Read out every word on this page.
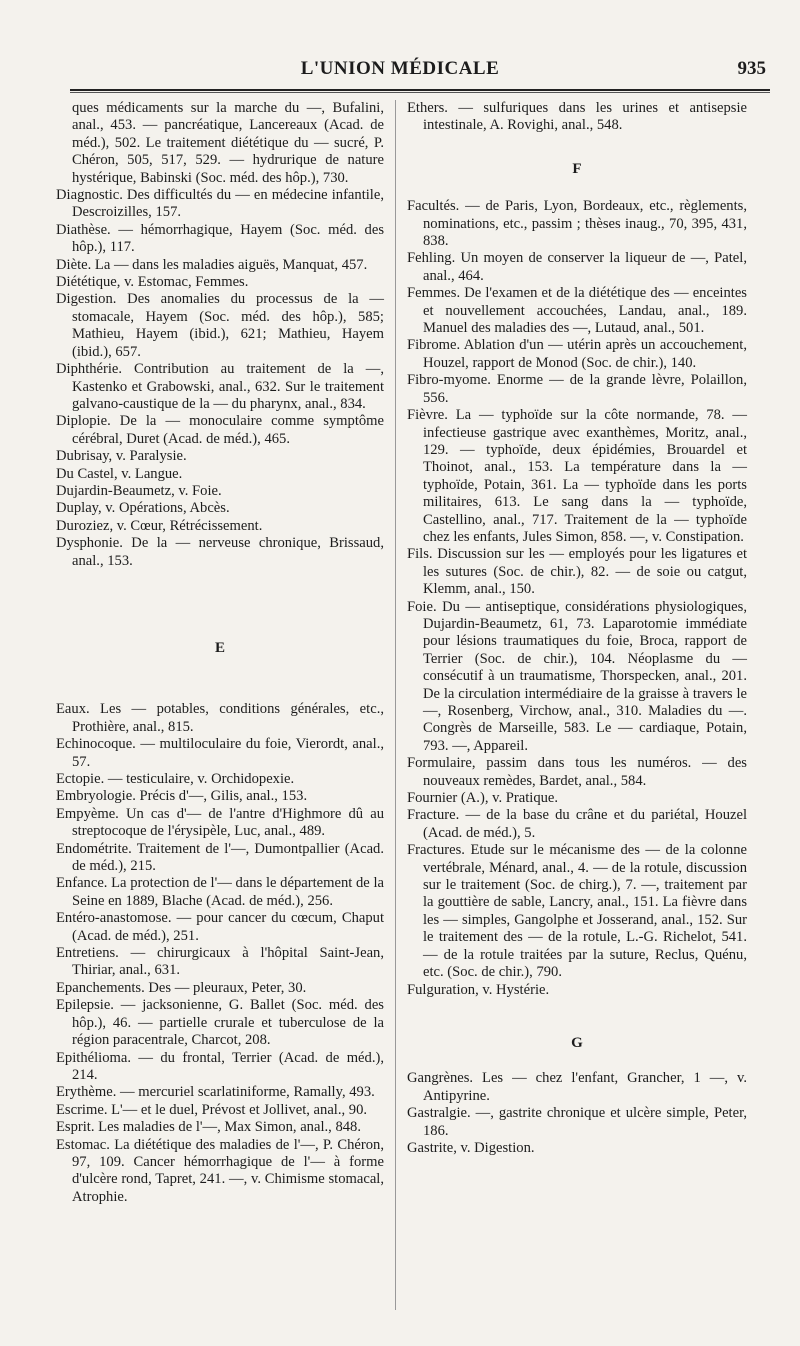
L'UNION MÉDICALE	935

ques médicaments sur la marche du —, Bufalini, anal., 453. — pancréatique, Lancereaux (Acad. de méd.), 502. Le traitement diététique du — sucré, P. Chéron, 505, 517, 529. — hydrurique de nature hystérique, Babinski (Soc. méd. des hôp.), 730.

Diagnostic. Des difficultés du — en médecine infantile, Descroizilles, 157.

Diathèse. — hémorrhagique, Hayem (Soc. méd. des hôp.), 117.

Diète. La — dans les maladies aiguës, Manquat, 457.

Diététique, v. Estomac, Femmes.

Digestion. Des anomalies du processus de la — stomacale, Hayem (Soc. méd. des hôp.), 585; Mathieu, Hayem (ibid.), 621; Mathieu, Hayem (ibid.), 657.

Diphthérie. Contribution au traitement de la —, Kastenko et Grabowski, anal., 632. Sur le traitement galvano-caustique de la — du pharynx, anal., 834.

Diplopie. De la — monoculaire comme symptôme cérébral, Duret (Acad. de méd.), 465.

Dubrisay, v. Paralysie.

Du Castel, v. Langue.

Dujardin-Beaumetz, v. Foie.

Duplay, v. Opérations, Abcès.

Duroziez, v. Cœur, Rétrécissement.

Dysphonie. De la — nerveuse chronique, Brissaud, anal., 153.

E

Eaux. Les — potables, conditions générales, etc., Prothière, anal., 815.

Echinocoque. — multiloculaire du foie, Vierordt, anal., 57.

Ectopie. — testiculaire, v. Orchidopexie.

Embryologie. Précis d'—, Gilis, anal., 153.

Empyème. Un cas d'— de l'antre d'Highmore dû au streptocoque de l'érysipèle, Luc, anal., 489.

Endométrite. Traitement de l'—, Dumontpallier (Acad. de méd.), 215.

Enfance. La protection de l'— dans le département de la Seine en 1889, Blache (Acad. de méd.), 256.

Entéro-anastomose. — pour cancer du cœcum, Chaput (Acad. de méd.), 251.

Entretiens. — chirurgicaux à l'hôpital Saint-Jean, Thiriar, anal., 631.

Epanchements. Des — pleuraux, Peter, 30.

Epilepsie. — jacksonienne, G. Ballet (Soc. méd. des hôp.), 46. — partielle crurale et tuberculose de la région paracentrale, Charcot, 208.

Epithélioma. — du frontal, Terrier (Acad. de méd.), 214.

Erythème. — mercuriel scarlatiniforme, Ramally, 493.

Escrime. L'— et le duel, Prévost et Jollivet, anal., 90.

Esprit. Les maladies de l'—, Max Simon, anal., 848.

Estomac. La diététique des maladies de l'—, P. Chéron, 97, 109. Cancer hémorrhagique de l'— à forme d'ulcère rond, Tapret, 241. —, v. Chimisme stomacal, Atrophie.

Ethers. — sulfuriques dans les urines et antisepsie intestinale, A. Rovighi, anal., 548.

F

Facultés. — de Paris, Lyon, Bordeaux, etc., règlements, nominations, etc., passim ; thèses inaug., 70, 395, 431, 838.

Fehling. Un moyen de conserver la liqueur de —, Patel, anal., 464.

Femmes. De l'examen et de la diététique des — enceintes et nouvellement accouchées, Landau, anal., 189. Manuel des maladies des —, Lutaud, anal., 501.

Fibrome. Ablation d'un — utérin après un accouchement, Houzel, rapport de Monod (Soc. de chir.), 140.

Fibro-myome. Enorme — de la grande lèvre, Polaillon, 556.

Fièvre. La — typhoïde sur la côte normande, 78. — infectieuse gastrique avec exanthèmes, Moritz, anal., 129. — typhoïde, deux épidémies, Brouardel et Thoinot, anal., 153. La température dans la — typhoïde, Potain, 361. La — typhoïde dans les ports militaires, 613. Le sang dans la — typhoïde, Castellino, anal., 717. Traitement de la — typhoïde chez les enfants, Jules Simon, 858. —, v. Constipation.

Fils. Discussion sur les — employés pour les ligatures et les sutures (Soc. de chir.), 82. — de soie ou catgut, Klemm, anal., 150.

Foie. Du — antiseptique, considérations physiologiques, Dujardin-Beaumetz, 61, 73. Laparotomie immédiate pour lésions traumatiques du foie, Broca, rapport de Terrier (Soc. de chir.), 104. Néoplasme du — consécutif à un traumatisme, Thorspecken, anal., 201. De la circulation intermédiaire de la graisse à travers le —, Rosenberg, Virchow, anal., 310. Maladies du —. Congrès de Marseille, 583. Le — cardiaque, Potain, 793. —, Appareil.

Formulaire, passim dans tous les numéros. — des nouveaux remèdes, Bardet, anal., 584.

Fournier (A.), v. Pratique.

Fracture. — de la base du crâne et du pariétal, Houzel (Acad. de méd.), 5.

Fractures. Etude sur le mécanisme des — de la colonne vertébrale, Ménard, anal., 4. — de la rotule, discussion sur le traitement (Soc. de chirg.), 7. —, traitement par la gouttière de sable, Lancry, anal., 151. La fièvre dans les — simples, Gangolphe et Josserand, anal., 152. Sur le traitement des — de la rotule, L.-G. Richelot, 541. — de la rotule traitées par la suture, Reclus, Quénu, etc. (Soc. de chir.), 790.

Fulguration, v. Hystérie.

G

Gangrènes. Les — chez l'enfant, Grancher, 1 —, v. Antipyrine.

Gastralgie. —, gastrite chronique et ulcère simple, Peter, 186.

Gastrite, v. Digestion.
